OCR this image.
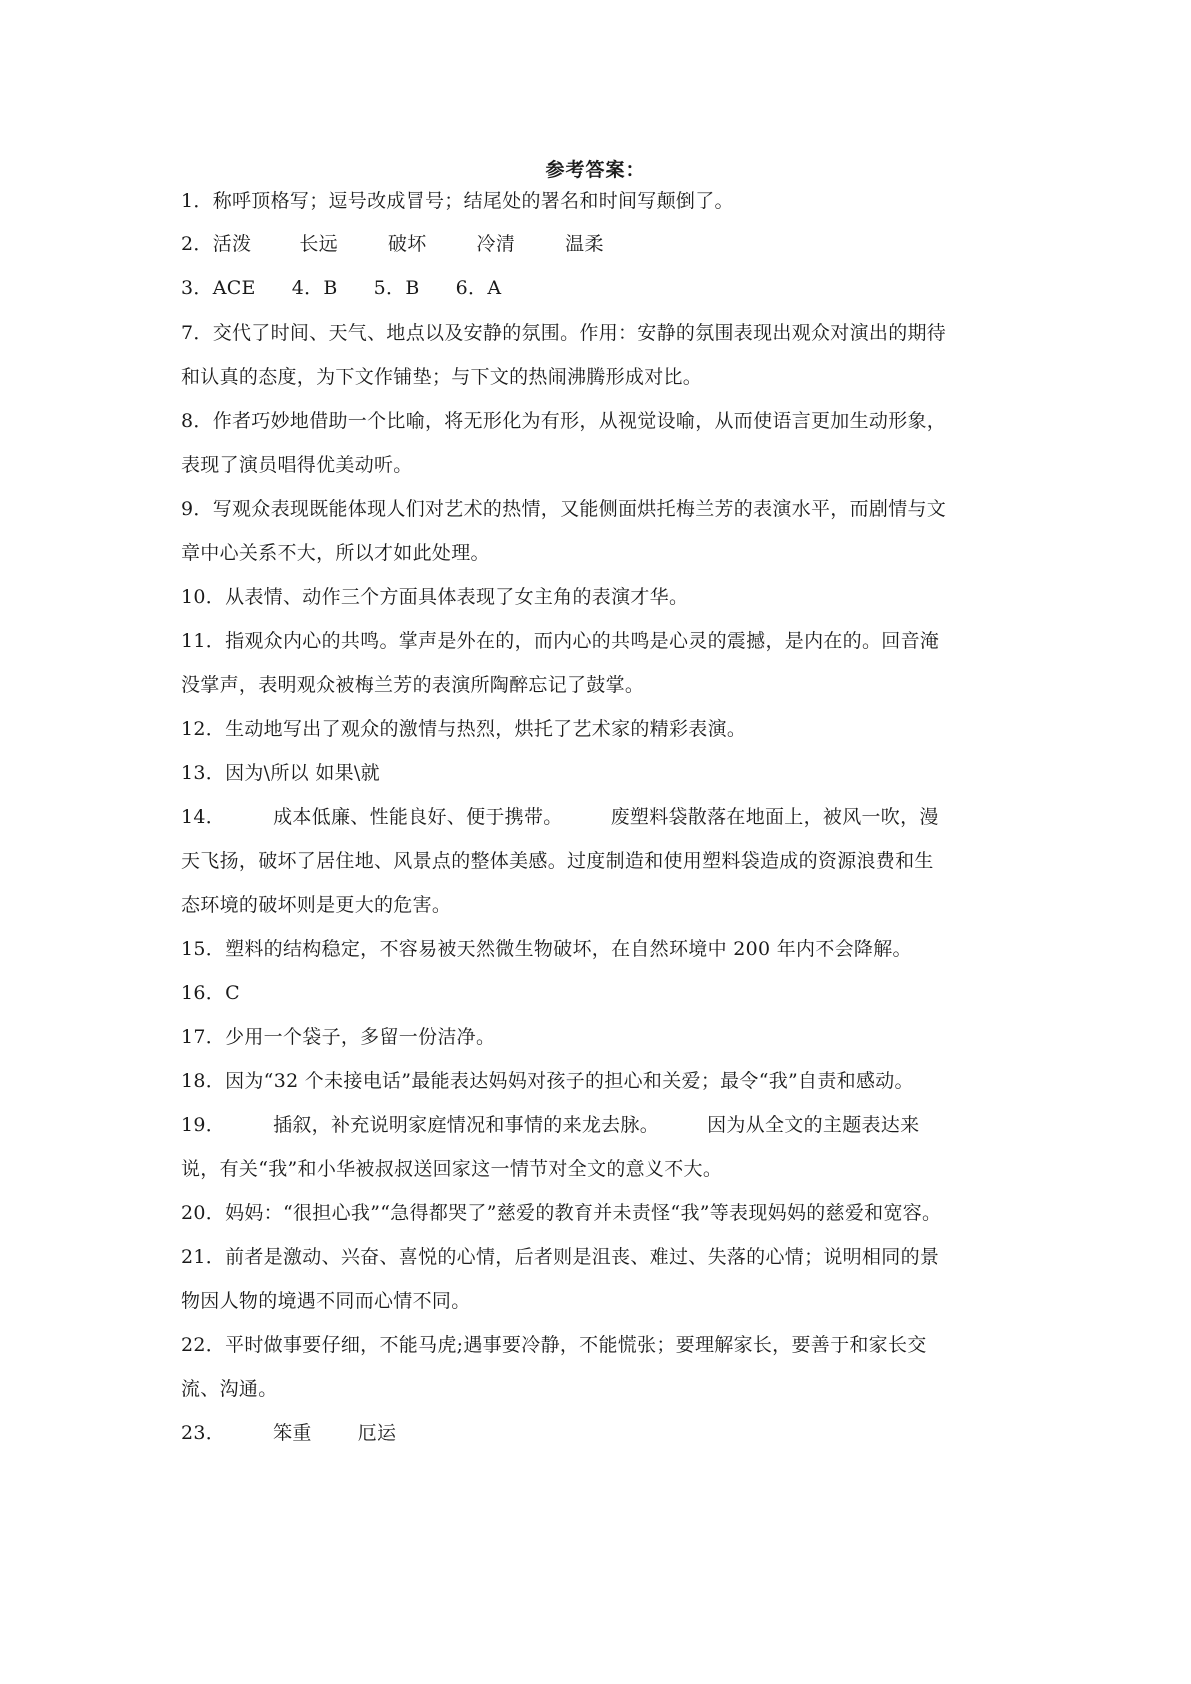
参考答案：
1．称呼顶格写；逗号改成冒号；结尾处的署名和时间写颠倒了。
2．活泼	长远	破坏	冷清	温柔
3．ACE 4．B 5．B 6．A
7．交代了时间、天气、地点以及安静的氛围。作用：安静的氛围表现出观众对演出的期待
和认真的态度，为下文作铺垫；与下文的热闹沸腾形成对比。
8．作者巧妙地借助一个比喻，将无形化为有形，从视觉设喻，从而使语言更加生动形象，
表现了演员唱得优美动听。
9．写观众表现既能体现人们对艺术的热情，又能侧面烘托梅兰芳的表演水平，而剧情与文
章中心关系不大，所以才如此处理。
10．从表情、动作三个方面具体表现了女主角的表演才华。
11．指观众内心的共鸣。掌声是外在的，而内心的共鸣是心灵的震撼，是内在的。回音淹
没掌声，表明观众被梅兰芳的表演所陶醉忘记了鼓掌。
12．生动地写出了观众的激情与热烈，烘托了艺术家的精彩表演。
13．因为\所以 如果\就
14．	成本低廉、性能良好、便于携带。	废塑料袋散落在地面上，被风一吹，漫
天飞扬，破坏了居住地、风景点的整体美感。过度制造和使用塑料袋造成的资源浪费和生
态环境的破坏则是更大的危害。
15．塑料的结构稳定，不容易被天然微生物破坏，在自然环境中 200 年内不会降解。
16．C
17．少用一个袋子，多留一份洁净。
18．因为“32 个未接电话”最能表达妈妈对孩子的担心和关爱；最令“我”自责和感动。
19．	插叙，补充说明家庭情况和事情的来龙去脉。	因为从全文的主题表达来
说，有关“我”和小华被叔叔送回家这一情节对全文的意义不大。
20．妈妈：“很担心我”“急得都哭了”慈爱的教育并未责怪“我”等表现妈妈的慈爱和宽容。
21．前者是激动、兴奋、喜悦的心情，后者则是沮丧、难过、失落的心情；说明相同的景
物因人物的境遇不同而心情不同。
22．平时做事要仔细，不能马虎;遇事要冷静，不能慌张；要理解家长，要善于和家长交
流、沟通。
23．	笨重 厄运
